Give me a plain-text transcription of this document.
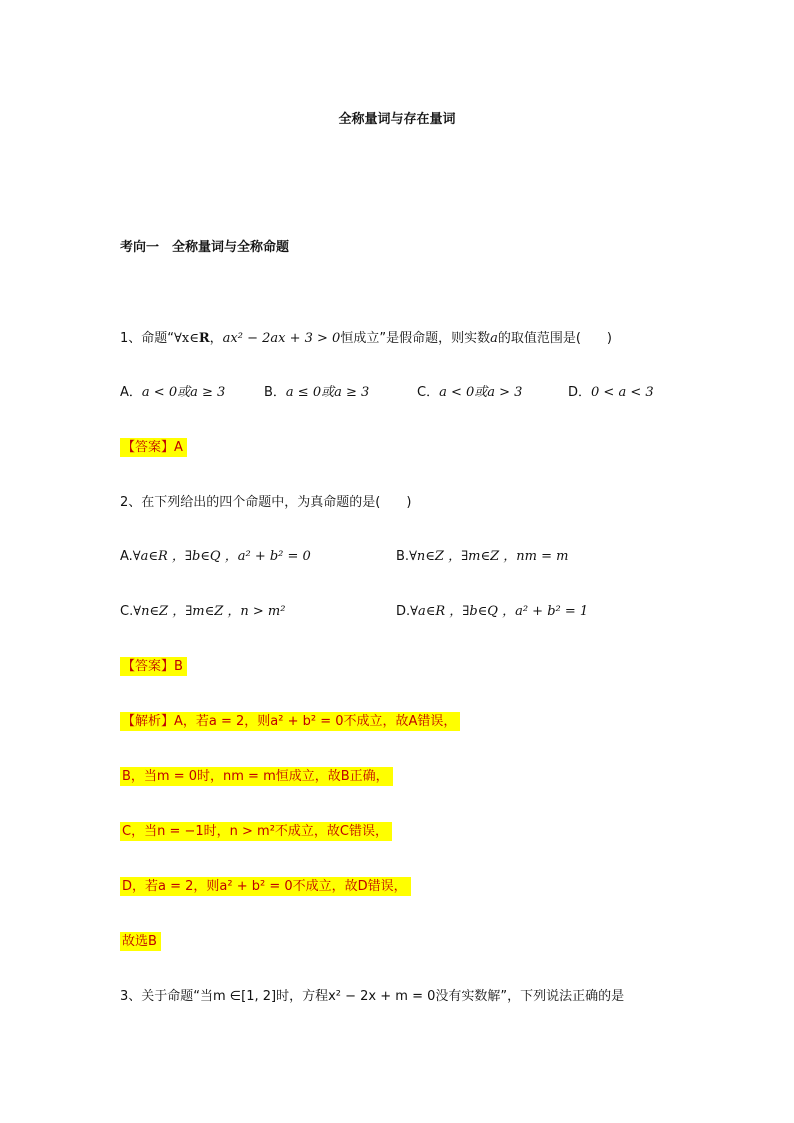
全称量词与存在量词
考向一　全称量词与全称命题
1、命题“∀x∈R，ax² − 2ax + 3 > 0恒成立”是假命题，则实数a的取值范围是(　　)
A．a < 0或a ≥ 3	B．a ≤ 0或a ≥ 3	C．a < 0或a > 3	D．0 < a < 3
【答案】A
2、在下列给出的四个命题中，为真命题的是(　　)
A.∀a∈R ，∃b∈Q ，a² + b² = 0	B.∀n∈Z ，∃m∈Z ，nm = m
C.∀n∈Z ，∃m∈Z ，n > m²	D.∀a∈R ，∃b∈Q ，a² + b² = 1
【答案】B
【解析】A，若a = 2，则a² + b² = 0不成立，故A错误，
B，当m = 0时，nm = m恒成立，故B正确，
C，当n = −1时，n > m²不成立，故C错误，
D，若a = 2，则a² + b² = 0不成立，故D错误，
故选B
3、关于命题“当m ∈[1, 2]时，方程x² − 2x + m = 0没有实数解”，下列说法正确的是
